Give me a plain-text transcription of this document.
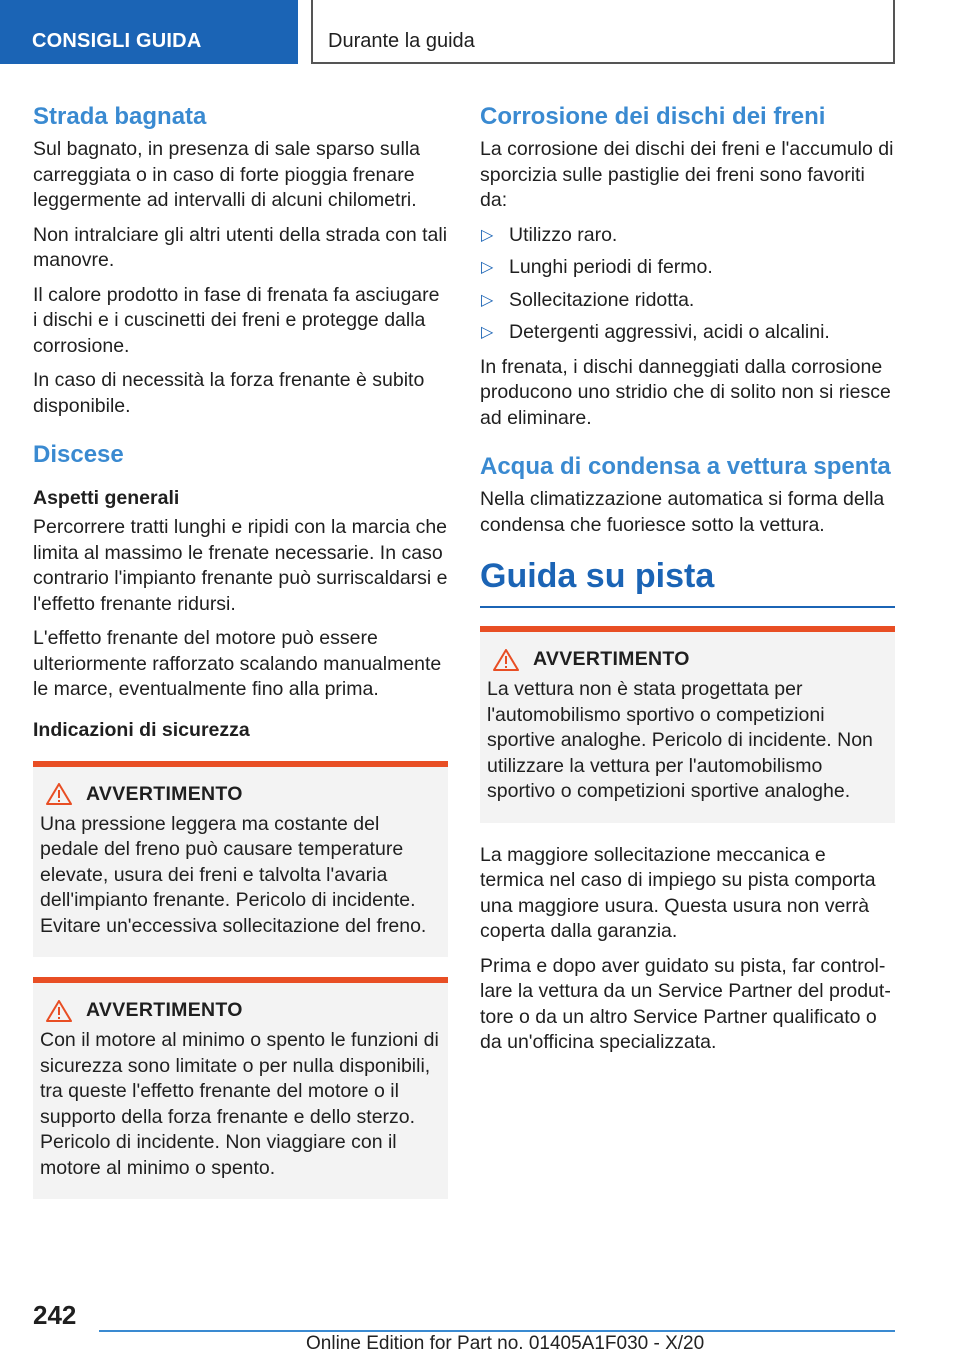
CONSIGLI GUIDA	Durante la guida
Strada bagnata

Sul bagnato, in presenza di sale sparso sulla carreggiata o in caso di forte pioggia frenare leggermente ad intervalli di alcuni chilometri.

Non intralciare gli altri utenti della strada con tali manovre.

Il calore prodotto in fase di frenata fa asciugare i dischi e i cuscinetti dei freni e protegge dalla corrosione.

In caso di necessità la forza frenante è subito disponibile.

Discese
Aspetti generali

Percorrere tratti lunghi e ripidi con la marcia che limita al massimo le frenate necessarie. In caso contrario l'impianto frenante può surriscaldarsi e l'effetto frenante ridursi.

L'effetto frenante del motore può essere ulteriormente rafforzato scalando manualmente le marce, eventualmente fino alla prima.

Indicazioni di sicurezza
AVVERTIMENTO

Una pressione leggera ma costante del pedale del freno può causare temperature elevate, usura dei freni e talvolta l'avaria dell'impianto frenante. Pericolo di incidente. Evitare un'eccessiva sollecitazione del freno.

AVVERTIMENTO

Con il motore al minimo o spento le funzioni di sicurezza sono limitate o per nulla disponibili, tra queste l'effetto frenante del motore o il supporto della forza frenante e dello sterzo. Pericolo di incidente. Non viaggiare con il motore al minimo o spento.

Corrosione dei dischi dei freni

La corrosione dei dischi dei freni e l'accumulo di sporcizia sulle pastiglie dei freni sono favoriti da:

▷ Utilizzo raro.
▷ Lunghi periodi di fermo.
▷ Sollecitazione ridotta.
▷ Detergenti aggressivi, acidi o alcalini.

In frenata, i dischi danneggiati dalla corrosione producono uno stridio che di solito non si riesce ad eliminare.

Acqua di condensa a vettura spenta

Nella climatizzazione automatica si forma della condensa che fuoriesce sotto la vettura.

Guida su pista
AVVERTIMENTO

La vettura non è stata progettata per l'automobilismo sportivo o competizioni sportive analoghe. Pericolo di incidente. Non utilizzare la vettura per l'automobilismo sportivo o competizioni sportive analoghe.

La maggiore sollecitazione meccanica e termica nel caso di impiego su pista comporta una maggiore usura. Questa usura non verrà coperta dalla garanzia.

Prima e dopo aver guidato su pista, far controllare la vettura da un Service Partner del produttore o da un altro Service Partner qualificato o da un'officina specializzata.

242
Online Edition for Part no. 01405A1F030 - X/20
